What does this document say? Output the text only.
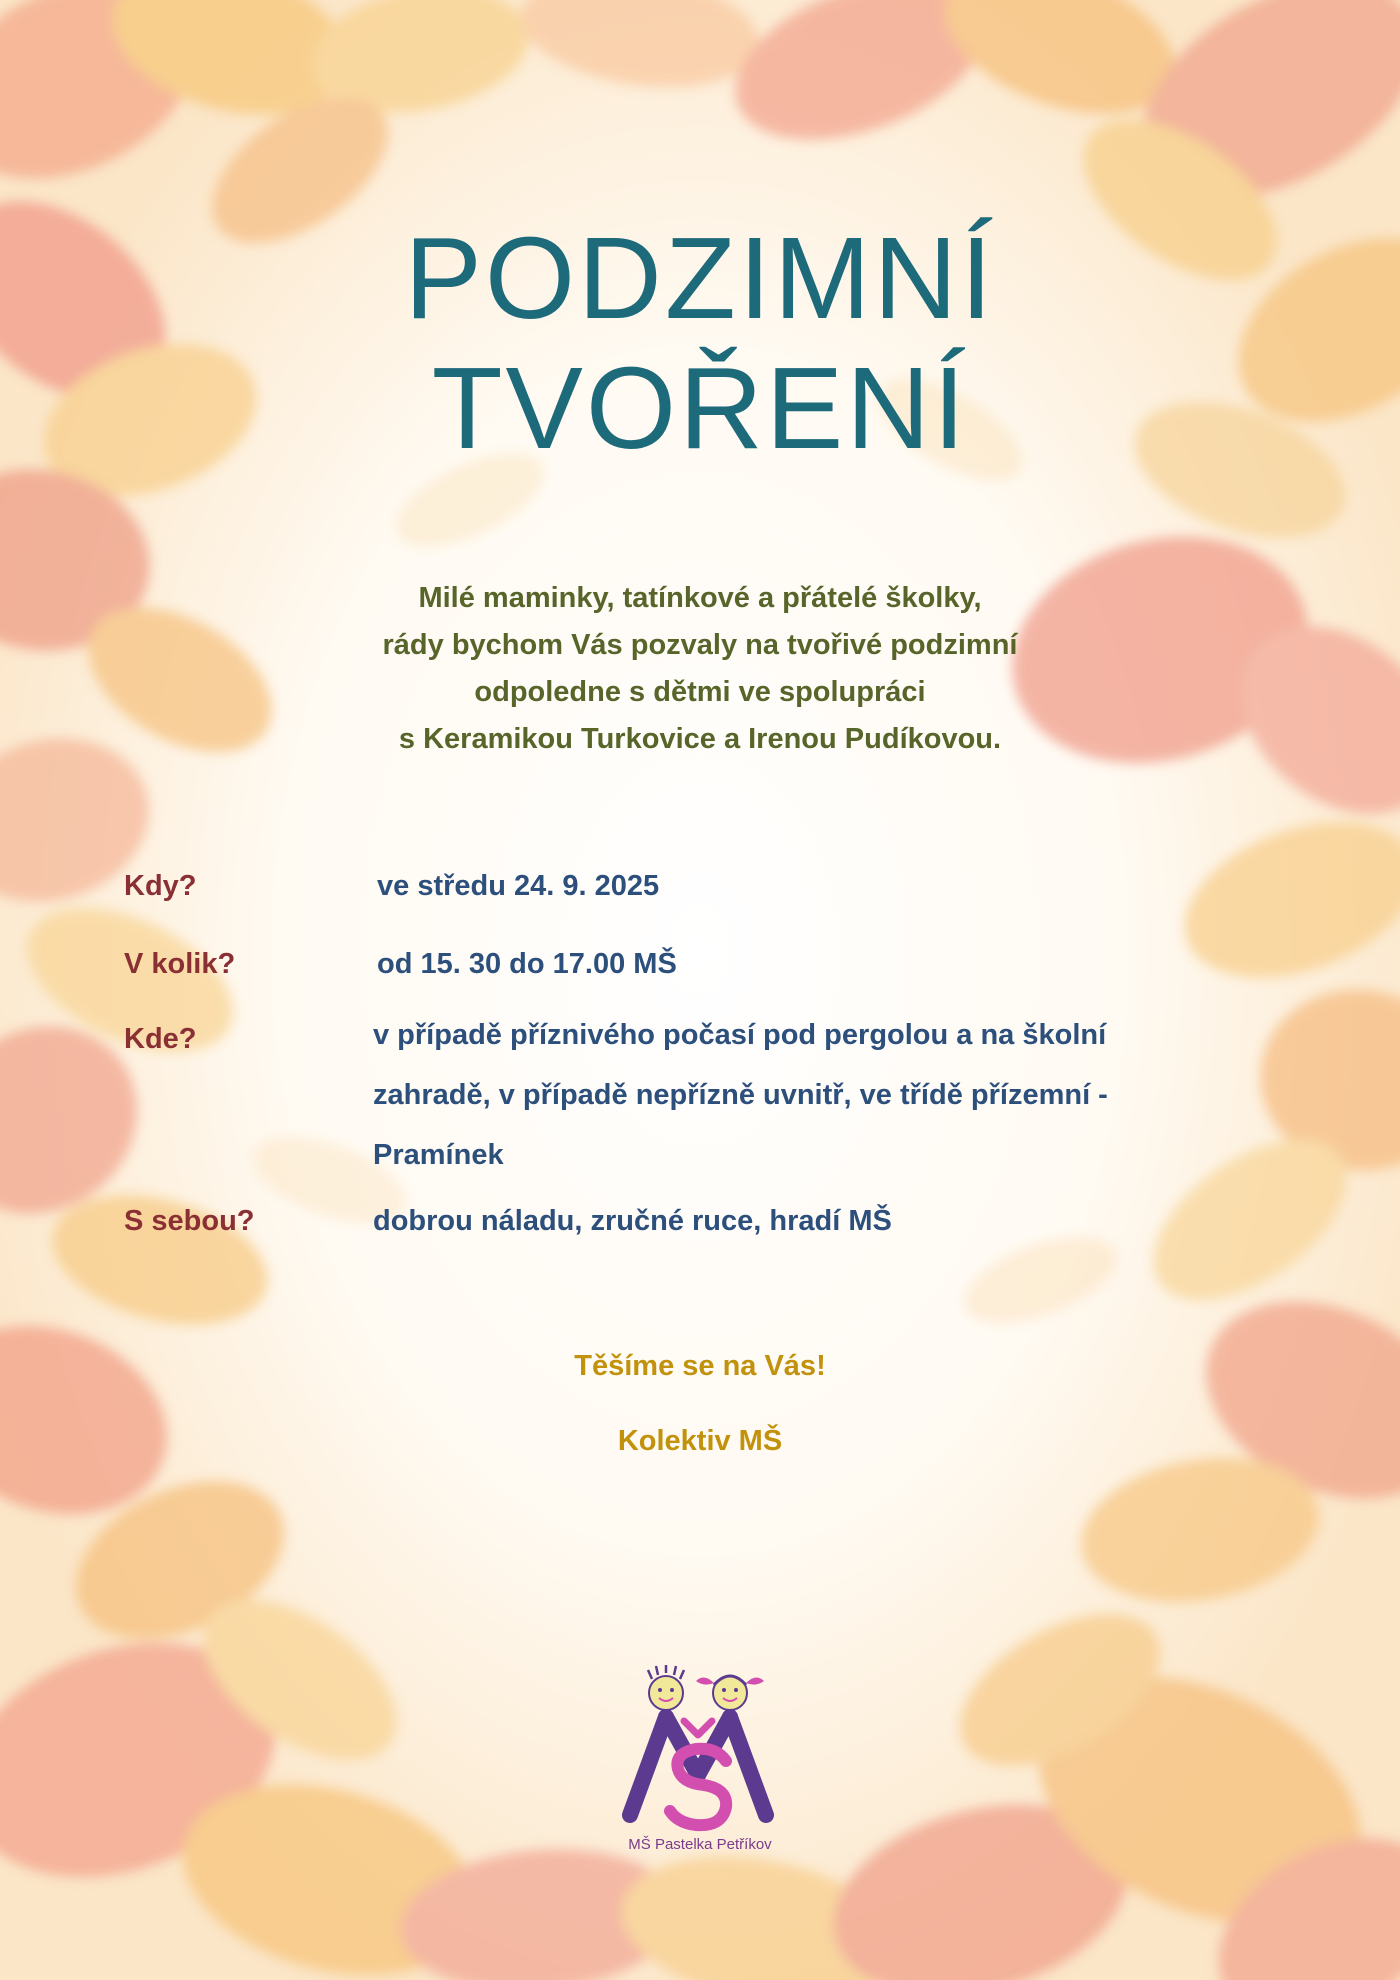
PODZIMNÍ
TVOŘENÍ
Milé maminky, tatínkové a přátelé školky,
rády bychom Vás pozvaly na tvořivé podzimní
odpoledne s dětmi ve spolupráci
s Keramikou Turkovice a Irenou Pudíkovou.
Kdy?	ve středu 24. 9. 2025
V kolik?	od 15. 30 do 17.00 MŠ
Kde?	v případě příznivého počasí pod pergolou a na školní
zahradě, v případě nepřízně uvnitř, ve třídě přízemní -
Pramínek
S sebou?	dobrou náladu, zručné ruce, hradí MŠ
Těšíme se na Vás!
Kolektiv MŠ
MŠ Pastelka Petříkov
